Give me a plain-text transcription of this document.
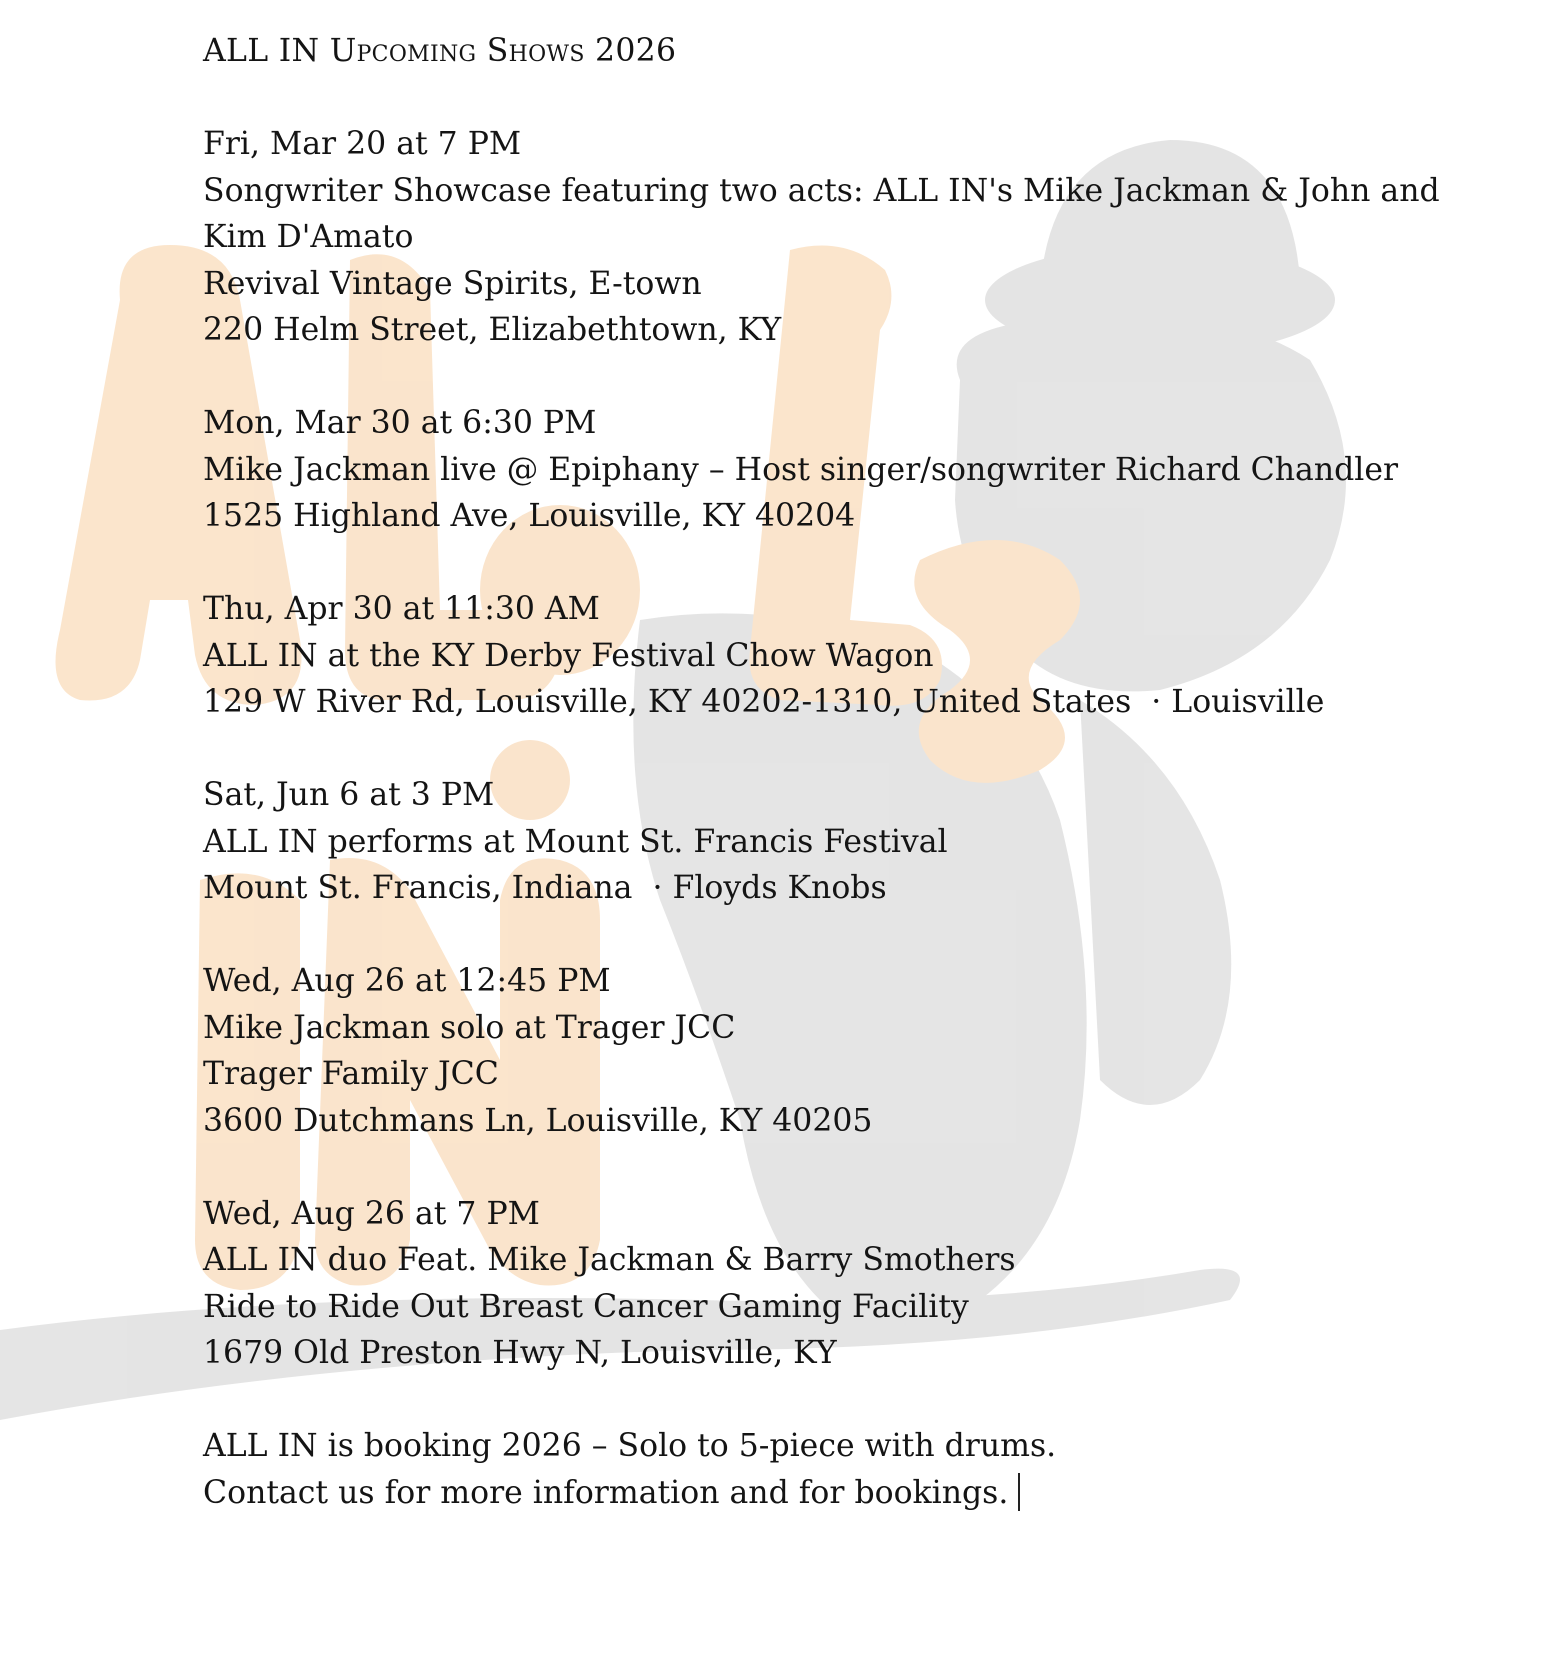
ALL IN Upcoming Shows 2026
Fri, Mar 20 at 7 PM
Songwriter Showcase featuring two acts: ALL IN's Mike Jackman & John and Kim D'Amato
Revival Vintage Spirits, E-town
220 Helm Street, Elizabethtown, KY
Mon, Mar 30 at 6:30 PM
Mike Jackman live @ Epiphany – Host singer/songwriter Richard Chandler
1525 Highland Ave, Louisville, KY 40204
Thu, Apr 30 at 11:30 AM
ALL IN at the KY Derby Festival Chow Wagon
129 W River Rd, Louisville, KY 40202-1310, United States  · Louisville
Sat, Jun 6 at 3 PM
ALL IN performs at Mount St. Francis Festival
Mount St. Francis, Indiana  · Floyds Knobs
Wed, Aug 26 at 12:45 PM
Mike Jackman solo at Trager JCC
Trager Family JCC
3600 Dutchmans Ln, Louisville, KY 40205
Wed, Aug 26 at 7 PM
ALL IN duo Feat. Mike Jackman & Barry Smothers
Ride to Ride Out Breast Cancer Gaming Facility
1679 Old Preston Hwy N, Louisville, KY
ALL IN is booking 2026 – Solo to 5-piece with drums.
Contact us for more information and for bookings.
